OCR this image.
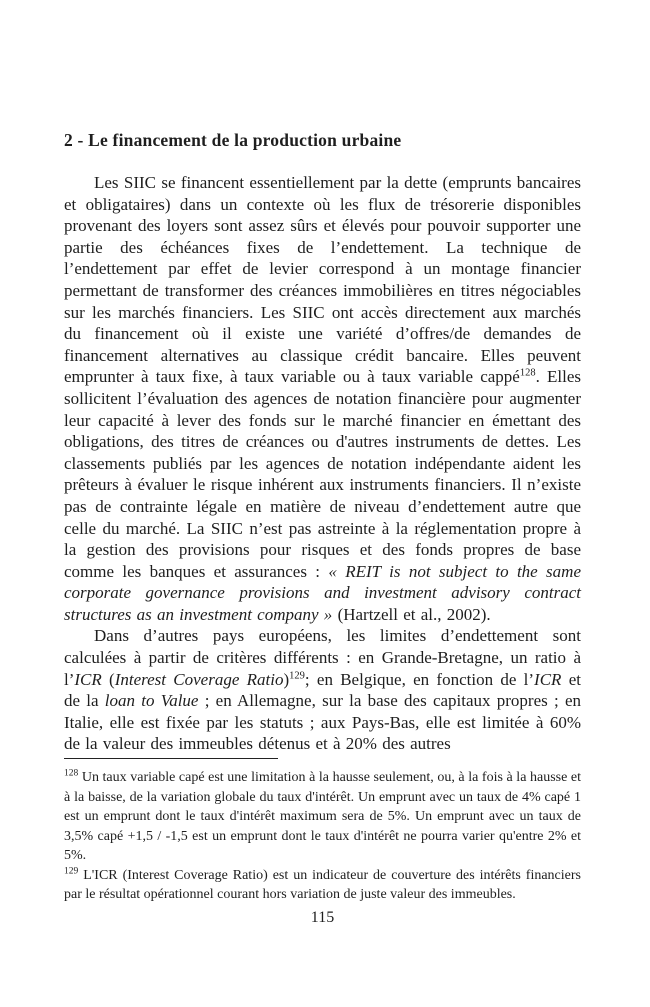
2 - Le financement de la production urbaine

Les SIIC se financent essentiellement par la dette (emprunts bancaires et obligataires) dans un contexte où les flux de trésorerie disponibles provenant des loyers sont assez sûrs et élevés pour pouvoir supporter une partie des échéances fixes de l’endettement. La technique de l’endettement par effet de levier correspond à un montage financier permettant de transformer des créances immobilières en titres négociables sur les marchés financiers. Les SIIC ont accès directement aux marchés du financement où il existe une variété d’offres/de demandes de financement alternatives au classique crédit bancaire. Elles peuvent emprunter à taux fixe, à taux variable ou à taux variable cappé$^{128}$. Elles sollicitent l’évaluation des agences de notation financière pour augmenter leur capacité à lever des fonds sur le marché financier en émettant des obligations, des titres de créances ou d'autres instruments de dettes. Les classements publiés par les agences de notation indépendante aident les prêteurs à évaluer le risque inhérent aux instruments financiers. Il n’existe pas de contrainte légale en matière de niveau d’endettement autre que celle du marché. La SIIC n’est pas astreinte à la réglementation propre à la gestion des provisions pour risques et des fonds propres de base comme les banques et assurances : « REIT is not subject to the same corporate governance provisions and investment advisory contract structures as an investment company » (Hartzell et al., 2002).

Dans d’autres pays européens, les limites d’endettement sont calculées à partir de critères différents : en Grande-Bretagne, un ratio à l’ICR (Interest Coverage Ratio)$^{129}$; en Belgique, en fonction de l’ICR et de la loan to Value ; en Allemagne, sur la base des capitaux propres ; en Italie, elle est fixée par les statuts ; aux Pays-Bas, elle est limitée à 60% de la valeur des immeubles détenus et à 20% des autres

$^{128}$ Un taux variable capé est une limitation à la hausse seulement, ou, à la fois à la hausse et à la baisse, de la variation globale du taux d'intérêt. Un emprunt avec un taux de 4% capé 1 est un emprunt dont le taux d'intérêt maximum sera de 5%. Un emprunt avec un taux de 3,5% capé +1,5 / -1,5 est un emprunt dont le taux d'intérêt ne pourra varier qu'entre 2% et 5%.

$^{129}$ L'ICR (Interest Coverage Ratio) est un indicateur de couverture des intérêts financiers par le résultat opérationnel courant hors variation de juste valeur des immeubles.

115
